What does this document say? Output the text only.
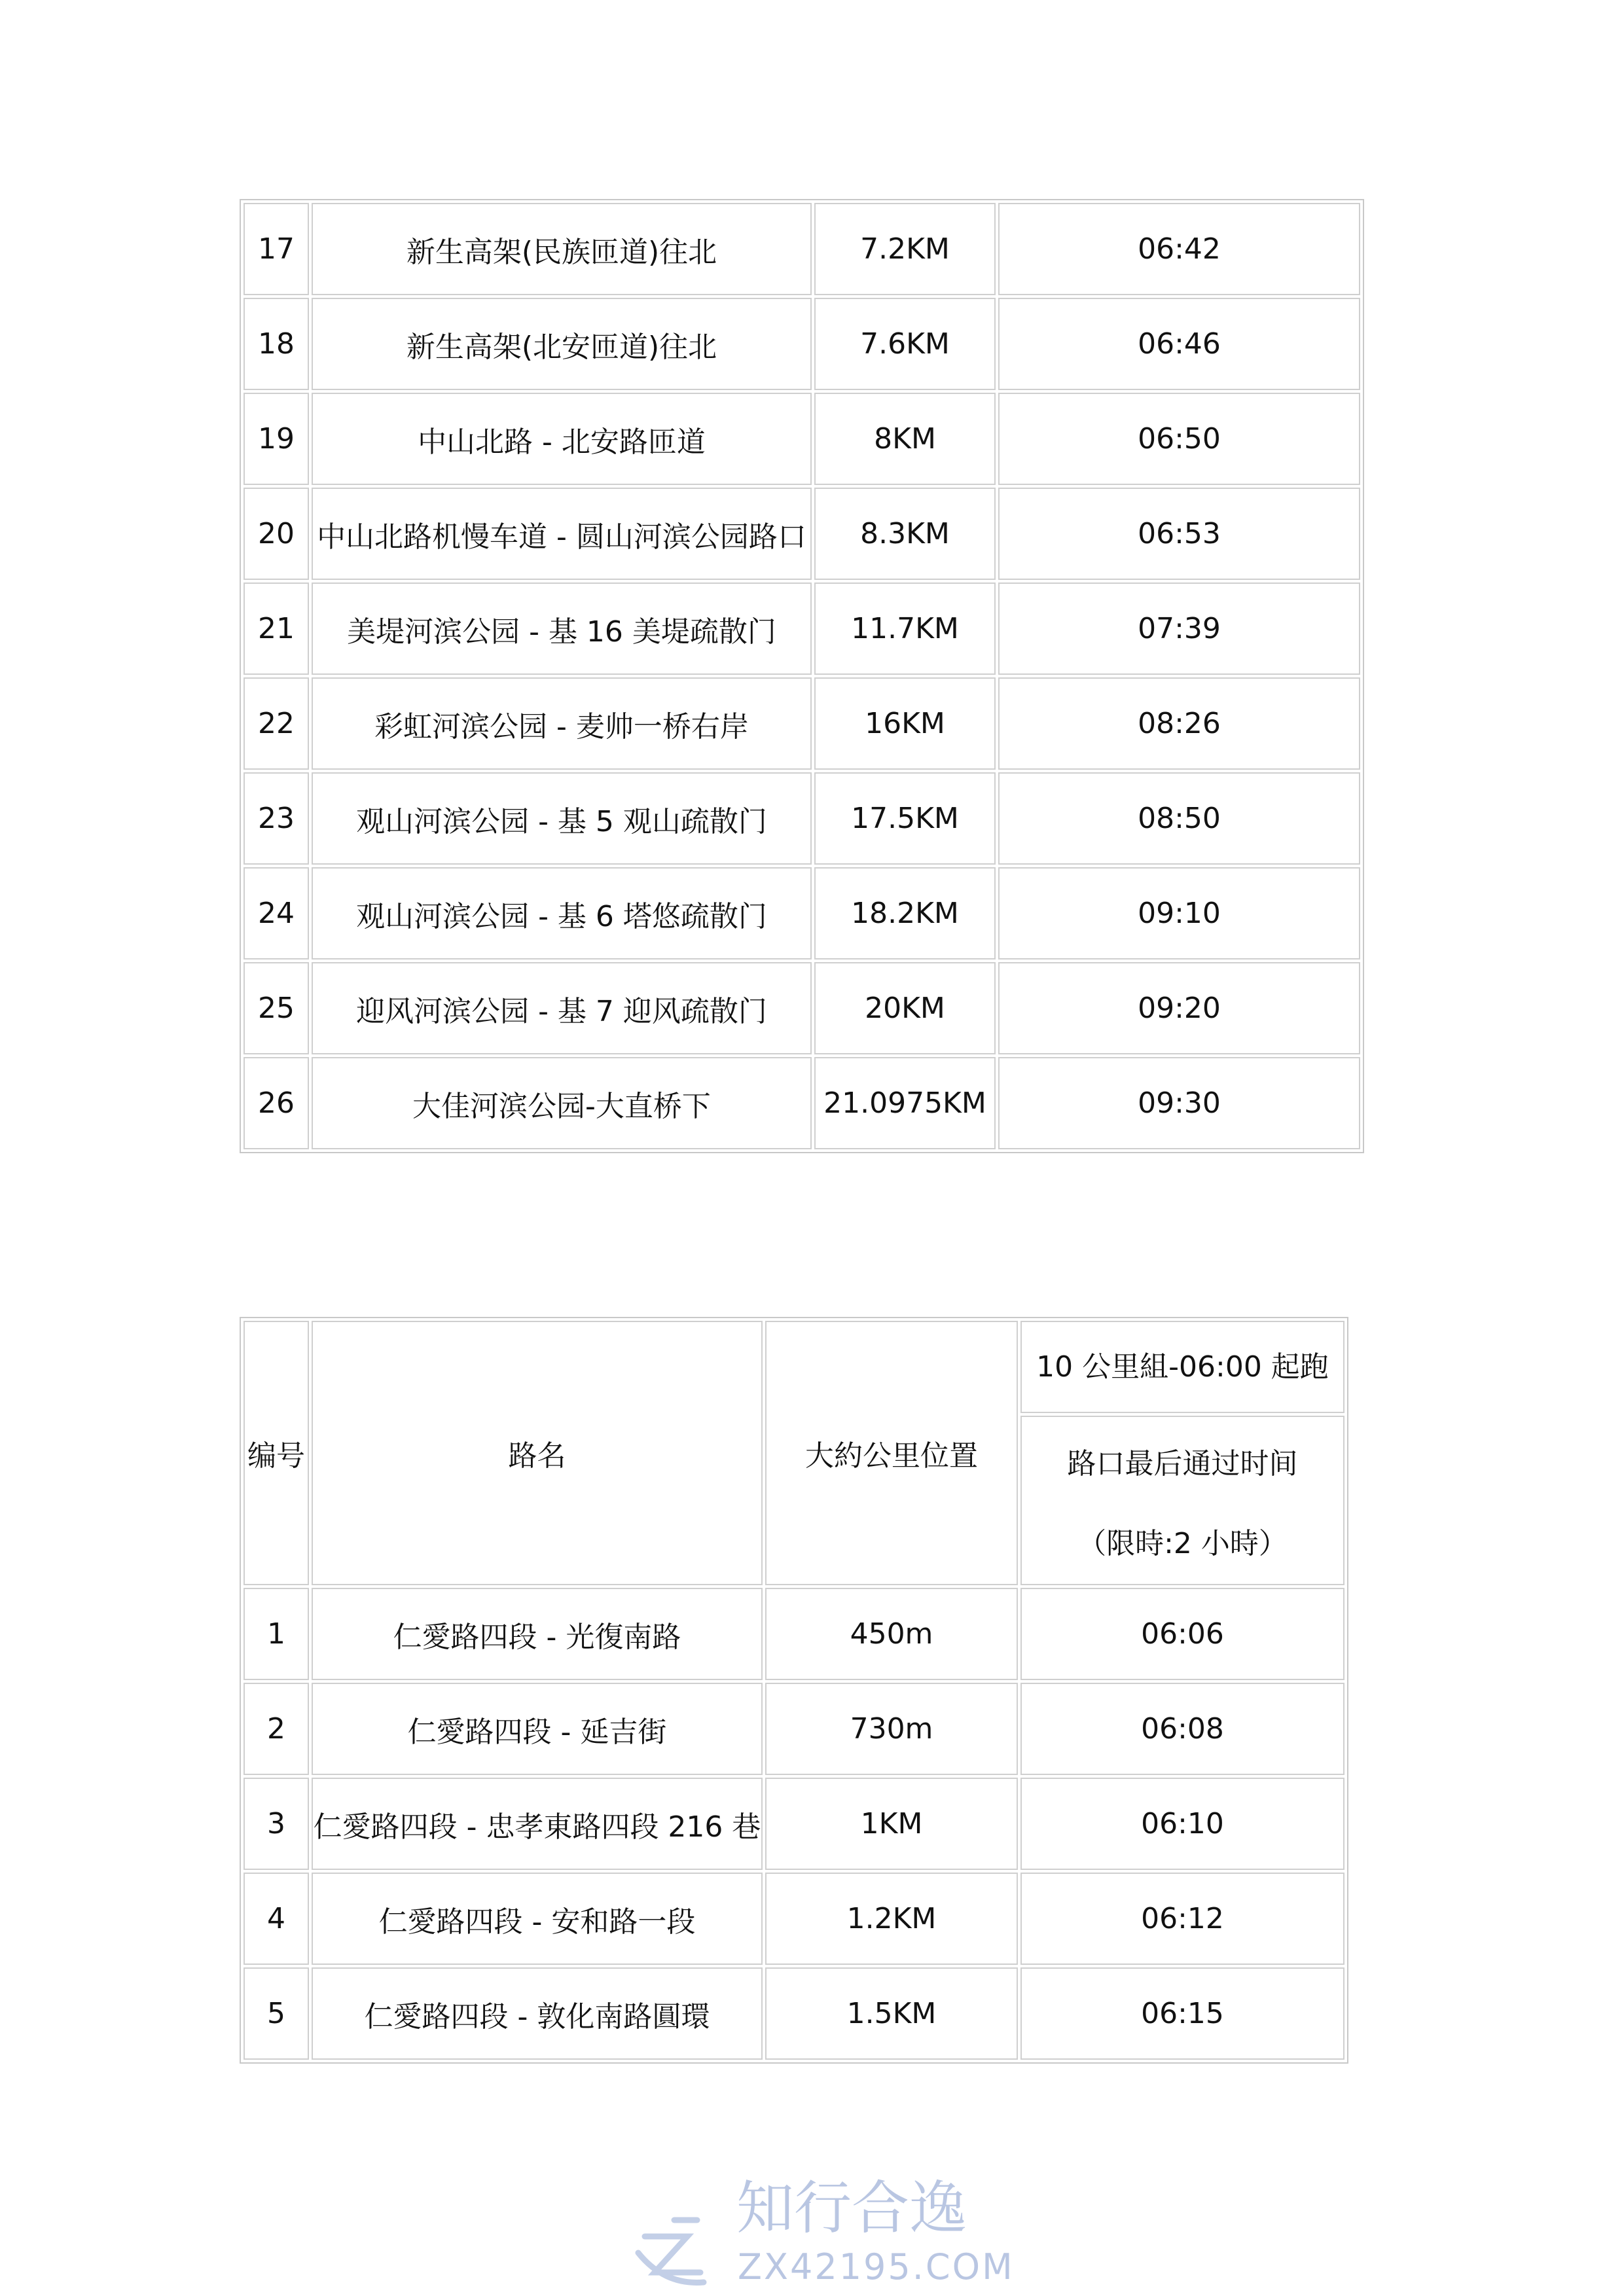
17	新生高架(民族匝道)往北	7.2KM	06:42
18	新生高架(北安匝道)往北	7.6KM	06:46
19	中山北路 - 北安路匝道	8KM	06:50
20	中山北路机慢车道 - 圆山河滨公园路口	8.3KM	06:53
21	美堤河滨公园 - 基 16 美堤疏散门	11.7KM	07:39
22	彩虹河滨公园 - 麦帅一桥右岸	16KM	08:26
23	观山河滨公园 - 基 5 观山疏散门	17.5KM	08:50
24	观山河滨公园 - 基 6 塔悠疏散门	18.2KM	09:10
25	迎风河滨公园 - 基 7 迎风疏散门	20KM	09:20
26	大佳河滨公园-大直桥下	21.0975KM	09:30
编号	路名	大約公里位置	10 公里組-06:00 起跑

			路口最后通过时间
（限時:2 小時）

1	仁愛路四段 - 光復南路	450m	06:06
2	仁愛路四段 - 延吉街	730m	06:08
3	仁愛路四段 - 忠孝東路四段 216 巷	1KM	06:10
4	仁愛路四段 - 安和路一段	1.2KM	06:12
5	仁愛路四段 - 敦化南路圓環	1.5KM	06:15
知行合逸
ZX42195.COM
